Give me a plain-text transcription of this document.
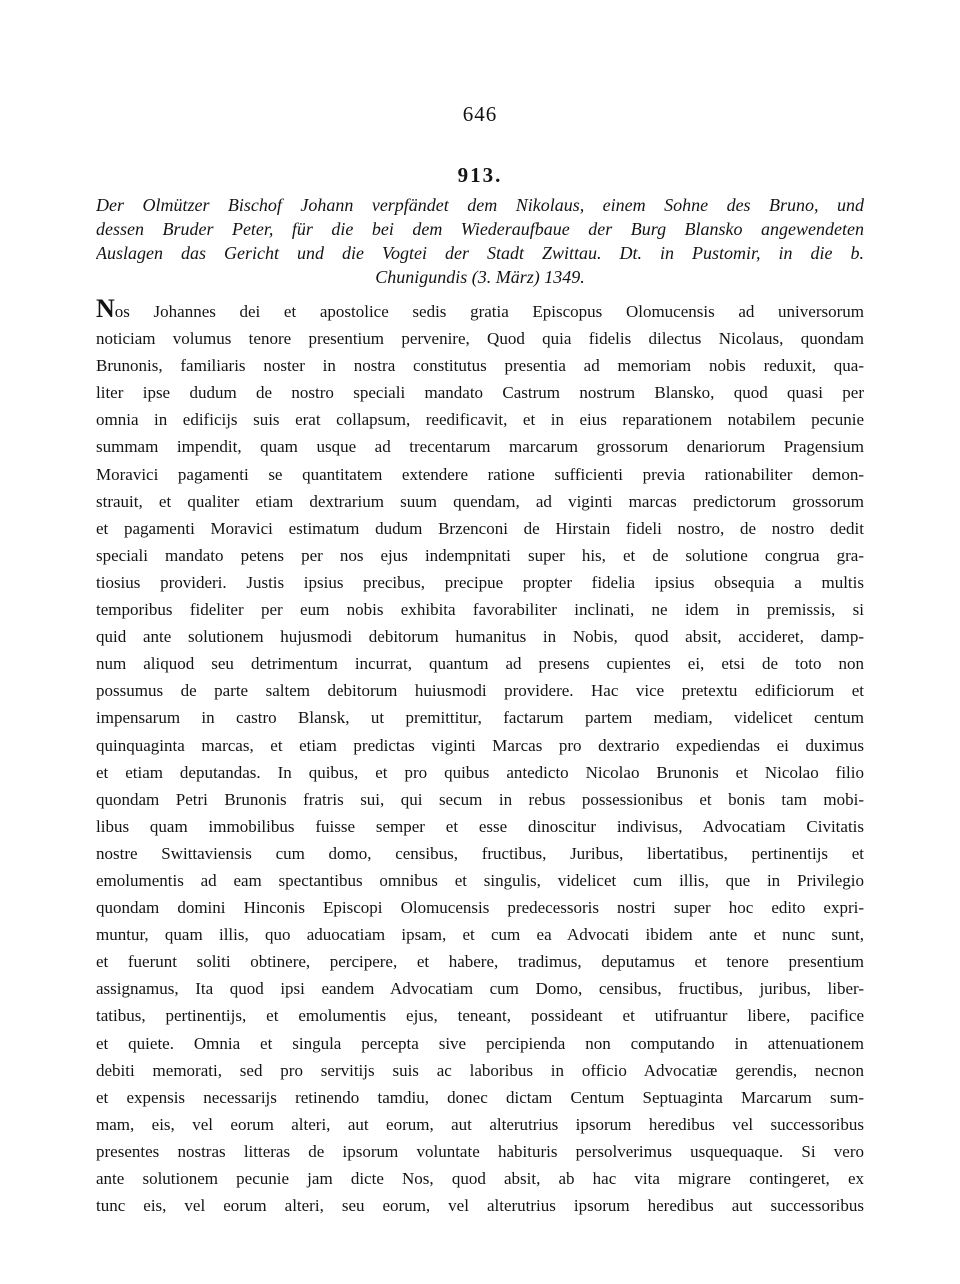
646
913.
Der Olmützer Bischof Johann verpfändet dem Nikolaus, einem Sohne des Bruno, und
dessen Bruder Peter, für die bei dem Wiederaufbaue der Burg Blansko angewendeten
Auslagen das Gericht und die Vogtei der Stadt Zwittau. Dt. in Pustomir, in die b.
Chunigundis (3. März) 1349.
Nos Johannes dei et apostolice sedis gratia Episcopus Olomucensis ad universorum
noticiam volumus tenore presentium pervenire, Quod quia fidelis dilectus Nicolaus, quondam
Brunonis, familiaris noster in nostra constitutus presentia ad memoriam nobis reduxit, qua-
liter ipse dudum de nostro speciali mandato Castrum nostrum Blansko, quod quasi per
omnia in edificijs suis erat collapsum, reedificavit, et in eius reparationem notabilem pecunie
summam impendit, quam usque ad trecentarum marcarum grossorum denariorum Pragensium
Moravici pagamenti se quantitatem extendere ratione sufficienti previa rationabiliter demon-
strauit, et qualiter etiam dextrarium suum quendam, ad viginti marcas predictorum grossorum
et pagamenti Moravici estimatum dudum Brzenconi de Hirstain fideli nostro, de nostro dedit
speciali mandato petens per nos ejus indempnitati super his, et de solutione congrua gra-
tiosius provideri. Justis ipsius precibus, precipue propter fidelia ipsius obsequia a multis
temporibus fideliter per eum nobis exhibita favorabiliter inclinati, ne idem in premissis, si
quid ante solutionem hujusmodi debitorum humanitus in Nobis, quod absit, accideret, damp-
num aliquod seu detrimentum incurrat, quantum ad presens cupientes ei, etsi de toto non
possumus de parte saltem debitorum huiusmodi providere. Hac vice pretextu edificiorum et
impensarum in castro Blansk, ut premittitur, factarum partem mediam, videlicet centum
quinquaginta marcas, et etiam predictas viginti Marcas pro dextrario expediendas ei duximus
et etiam deputandas. In quibus, et pro quibus antedicto Nicolao Brunonis et Nicolao filio
quondam Petri Brunonis fratris sui, qui secum in rebus possessionibus et bonis tam mobi-
libus quam immobilibus fuisse semper et esse dinoscitur indivisus, Advocatiam Civitatis
nostre Swittaviensis cum domo, censibus, fructibus, Juribus, libertatibus, pertinentijs et
emolumentis ad eam spectantibus omnibus et singulis, videlicet cum illis, que in Privilegio
quondam domini Hinconis Episcopi Olomucensis predecessoris nostri super hoc edito expri-
muntur, quam illis, quo aduocatiam ipsam, et cum ea Advocati ibidem ante et nunc sunt,
et fuerunt soliti obtinere, percipere, et habere, tradimus, deputamus et tenore presentium
assignamus, Ita quod ipsi eandem Advocatiam cum Domo, censibus, fructibus, juribus, liber-
tatibus, pertinentijs, et emolumentis ejus, teneant, possideant et utifruantur libere, pacifice
et quiete. Omnia et singula percepta sive percipienda non computando in attenuationem
debiti memorati, sed pro servitijs suis ac laboribus in officio Advocatiæ gerendis, necnon
et expensis necessarijs retinendo tamdiu, donec dictam Centum Septuaginta Marcarum sum-
mam, eis, vel eorum alteri, aut eorum, aut alterutrius ipsorum heredibus vel successoribus
presentes nostras litteras de ipsorum voluntate habituris persolverimus usquequaque. Si vero
ante solutionem pecunie jam dicte Nos, quod absit, ab hac vita migrare contingeret, ex
tunc eis, vel eorum alteri, seu eorum, vel alterutrius ipsorum heredibus aut successoribus
